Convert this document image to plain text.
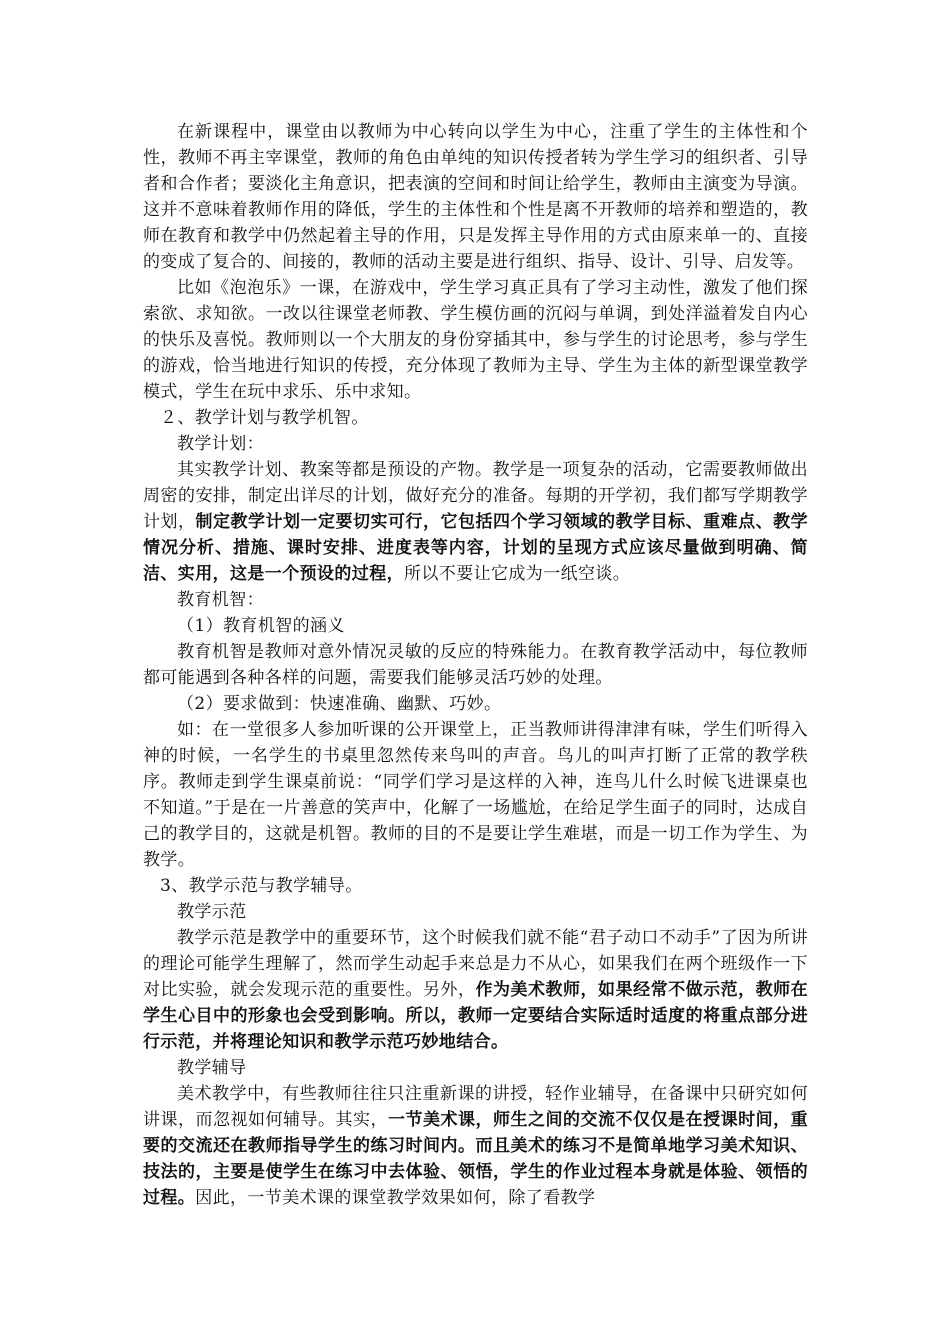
在新课程中，课堂由以教师为中心转向以学生为中心，注重了学生的主体性和个性，教师不再主宰课堂，教师的角色由单纯的知识传授者转为学生学习的组织者、引导者和合作者；要淡化主角意识，把表演的空间和时间让给学生，教师由主演变为导演。这并不意味着教师作用的降低，学生的主体性和个性是离不开教师的培养和塑造的，教师在教育和教学中仍然起着主导的作用，只是发挥主导作用的方式由原来单一的、直接的变成了复合的、间接的，教师的活动主要是进行组织、指导、设计、引导、启发等。

比如《泡泡乐》一课，在游戏中，学生学习真正具有了学习主动性，激发了他们探索欲、求知欲。一改以往课堂老师教、学生模仿画的沉闷与单调，到处洋溢着发自内心的快乐及喜悦。教师则以一个大朋友的身份穿插其中，参与学生的讨论思考，参与学生的游戏，恰当地进行知识的传授，充分体现了教师为主导、学生为主体的新型课堂教学模式，学生在玩中求乐、乐中求知。

２、教学计划与教学机智。

教学计划：

其实教学计划、教案等都是预设的产物。教学是一项复杂的活动，它需要教师做出周密的安排，制定出详尽的计划，做好充分的准备。每期的开学初，我们都写学期教学计划，制定教学计划一定要切实可行，它包括四个学习领域的教学目标、重难点、教学情况分析、措施、课时安排、进度表等内容，计划的呈现方式应该尽量做到明确、简洁、实用，这是一个预设的过程，所以不要让它成为一纸空谈。

教育机智：

（1）教育机智的涵义

教育机智是教师对意外情况灵敏的反应的特殊能力。在教育教学活动中，每位教师都可能遇到各种各样的问题，需要我们能够灵活巧妙的处理。

（2）要求做到：快速准确、幽默、巧妙。

如：在一堂很多人参加听课的公开课堂上，正当教师讲得津津有味，学生们听得入神的时候，一名学生的书桌里忽然传来鸟叫的声音。鸟儿的叫声打断了正常的教学秩序。教师走到学生课桌前说：“同学们学习是这样的入神，连鸟儿什么时候飞进课桌也不知道。”于是在一片善意的笑声中，化解了一场尴尬，在给足学生面子的同时，达成自己的教学目的，这就是机智。教师的目的不是要让学生难堪，而是一切工作为学生、为教学。

3、教学示范与教学辅导。

教学示范

教学示范是教学中的重要环节，这个时候我们就不能“君子动口不动手”了因为所讲的理论可能学生理解了，然而学生动起手来总是力不从心，如果我们在两个班级作一下对比实验，就会发现示范的重要性。另外，作为美术教师，如果经常不做示范，教师在学生心目中的形象也会受到影响。所以，教师一定要结合实际适时适度的将重点部分进行示范，并将理论知识和教学示范巧妙地结合。

教学辅导

美术教学中，有些教师往往只注重新课的讲授，轻作业辅导，在备课中只研究如何讲课，而忽视如何辅导。其实，一节美术课，师生之间的交流不仅仅是在授课时间，重要的交流还在教师指导学生的练习时间内。而且美术的练习不是简单地学习美术知识、技法的，主要是使学生在练习中去体验、领悟，学生的作业过程本身就是体验、领悟的过程。因此，一节美术课的课堂教学效果如何，除了看教学
